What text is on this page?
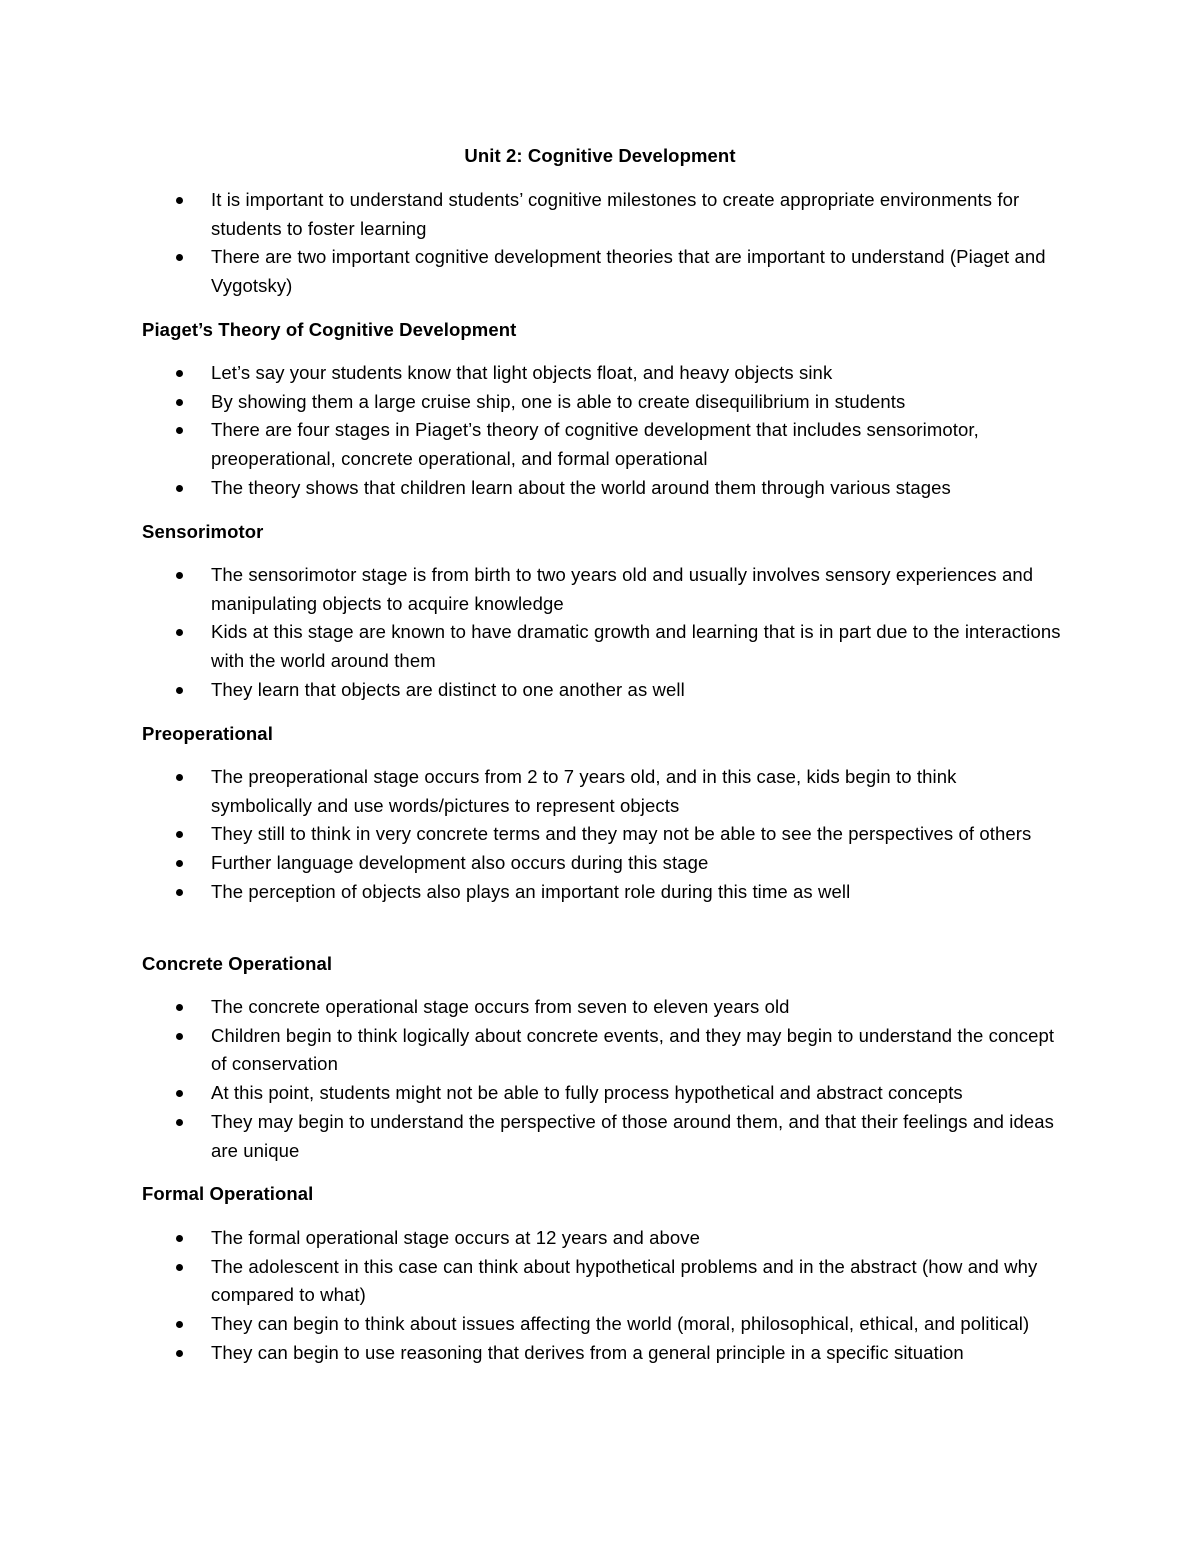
Unit 2: Cognitive Development
It is important to understand students’ cognitive milestones to create appropriate environments for students to foster learning
There are two important cognitive development theories that are important to understand (Piaget and Vygotsky)
Piaget’s Theory of Cognitive Development
Let’s say your students know that light objects float, and heavy objects sink
By showing them a large cruise ship, one is able to create disequilibrium in students
There are four stages in Piaget’s theory of cognitive development that includes sensorimotor, preoperational, concrete operational, and formal operational
The theory shows that children learn about the world around them through various stages
Sensorimotor
The sensorimotor stage is from birth to two years old and usually involves sensory experiences and manipulating objects to acquire knowledge
Kids at this stage are known to have dramatic growth and learning that is in part due to the interactions with the world around them
They learn that objects are distinct to one another as well
Preoperational
The preoperational stage occurs from 2 to 7 years old, and in this case, kids begin to think symbolically and use words/pictures to represent objects
They still to think in very concrete terms and they may not be able to see the perspectives of others
Further language development also occurs during this stage
The perception of objects also plays an important role during this time as well
Concrete Operational
The concrete operational stage occurs from seven to eleven years old
Children begin to think logically about concrete events, and they may begin to understand the concept of conservation
At this point, students might not be able to fully process hypothetical and abstract concepts
They may begin to understand the perspective of those around them, and that their feelings and ideas are unique
Formal Operational
The formal operational stage occurs at 12 years and above
The adolescent in this case can think about hypothetical problems and in the abstract (how and why compared to what)
They can begin to think about issues affecting the world (moral, philosophical, ethical, and political)
They can begin to use reasoning that derives from a general principle in a specific situation
